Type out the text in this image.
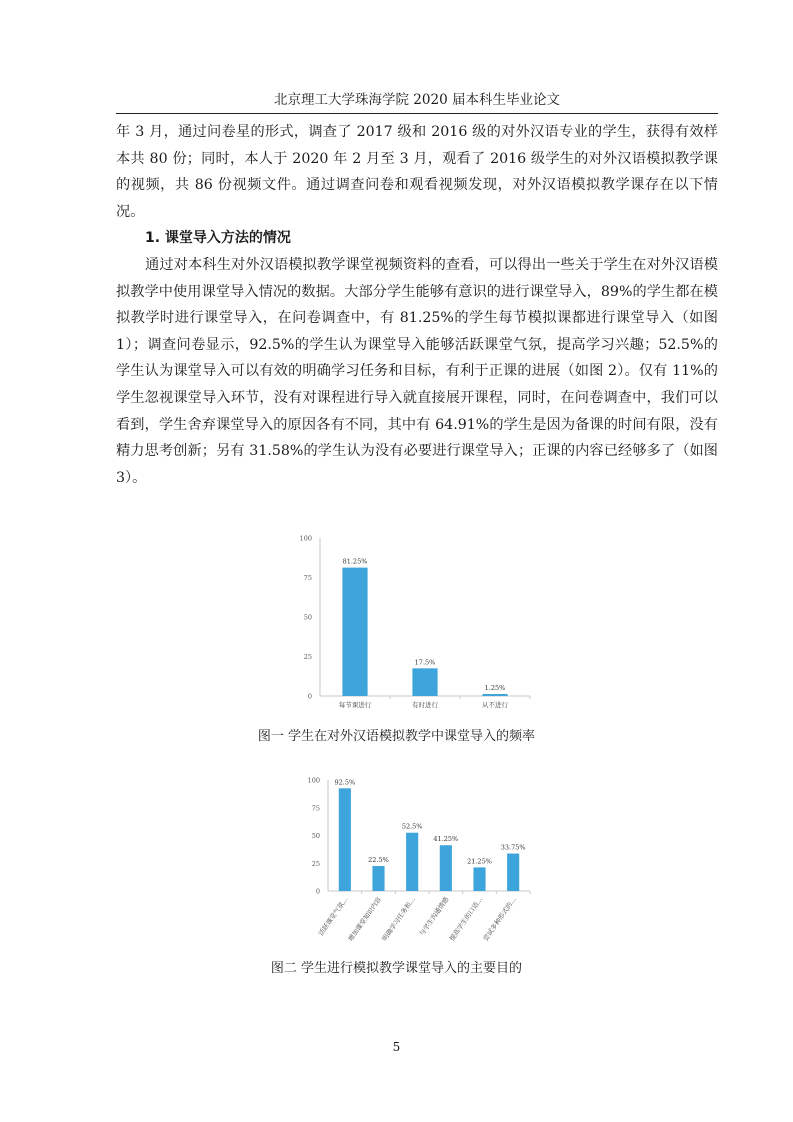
北京理工大学珠海学院 2020 届本科生毕业论文

年 3 月，通过问卷星的形式，调查了 2017 级和 2016 级的对外汉语专业的学生，获得有效样本共 80 份；同时，本人于 2020 年 2 月至 3 月，观看了 2016 级学生的对外汉语模拟教学课的视频，共 86 份视频文件。通过调查问卷和观看视频发现，对外汉语模拟教学课存在以下情况。

1. 课堂导入方法的情况

通过对本科生对外汉语模拟教学课堂视频资料的查看，可以得出一些关于学生在对外汉语模拟教学中使用课堂导入情况的数据。大部分学生能够有意识的进行课堂导入，89%的学生都在模拟教学时进行课堂导入，在问卷调查中，有 81.25%的学生每节模拟课都进行课堂导入（如图 1）；调查问卷显示，92.5%的学生认为课堂导入能够活跃课堂气氛，提高学习兴趣；52.5%的学生认为课堂导入可以有效的明确学习任务和目标，有利于正课的进展（如图 2）。仅有 11%的学生忽视课堂导入环节，没有对课程进行导入就直接展开课程，同时，在问卷调查中，我们可以看到，学生舍弃课堂导入的原因各有不同，其中有 64.91%的学生是因为备课的时间有限，没有精力思考创新；另有 31.58%的学生认为没有必要进行课堂导入；正课的内容已经够多了（如图 3）。

0
25
50
75
100
81.25%
每节课进行
17.5%
有时进行
1.25%
从不进行
图一 学生在对外汉语模拟教学中课堂导入的频率
0
25
50
75
100 92.5%
活跃课堂气氛...
22.5%
增加课堂知识内容
52.5%
明确学习任务和...
41.25%
与学生沟通情感
21.25%
提高学生的口语...
33.75%
尝试多种形式的...
图二 学生进行模拟教学课堂导入的主要目的
5
